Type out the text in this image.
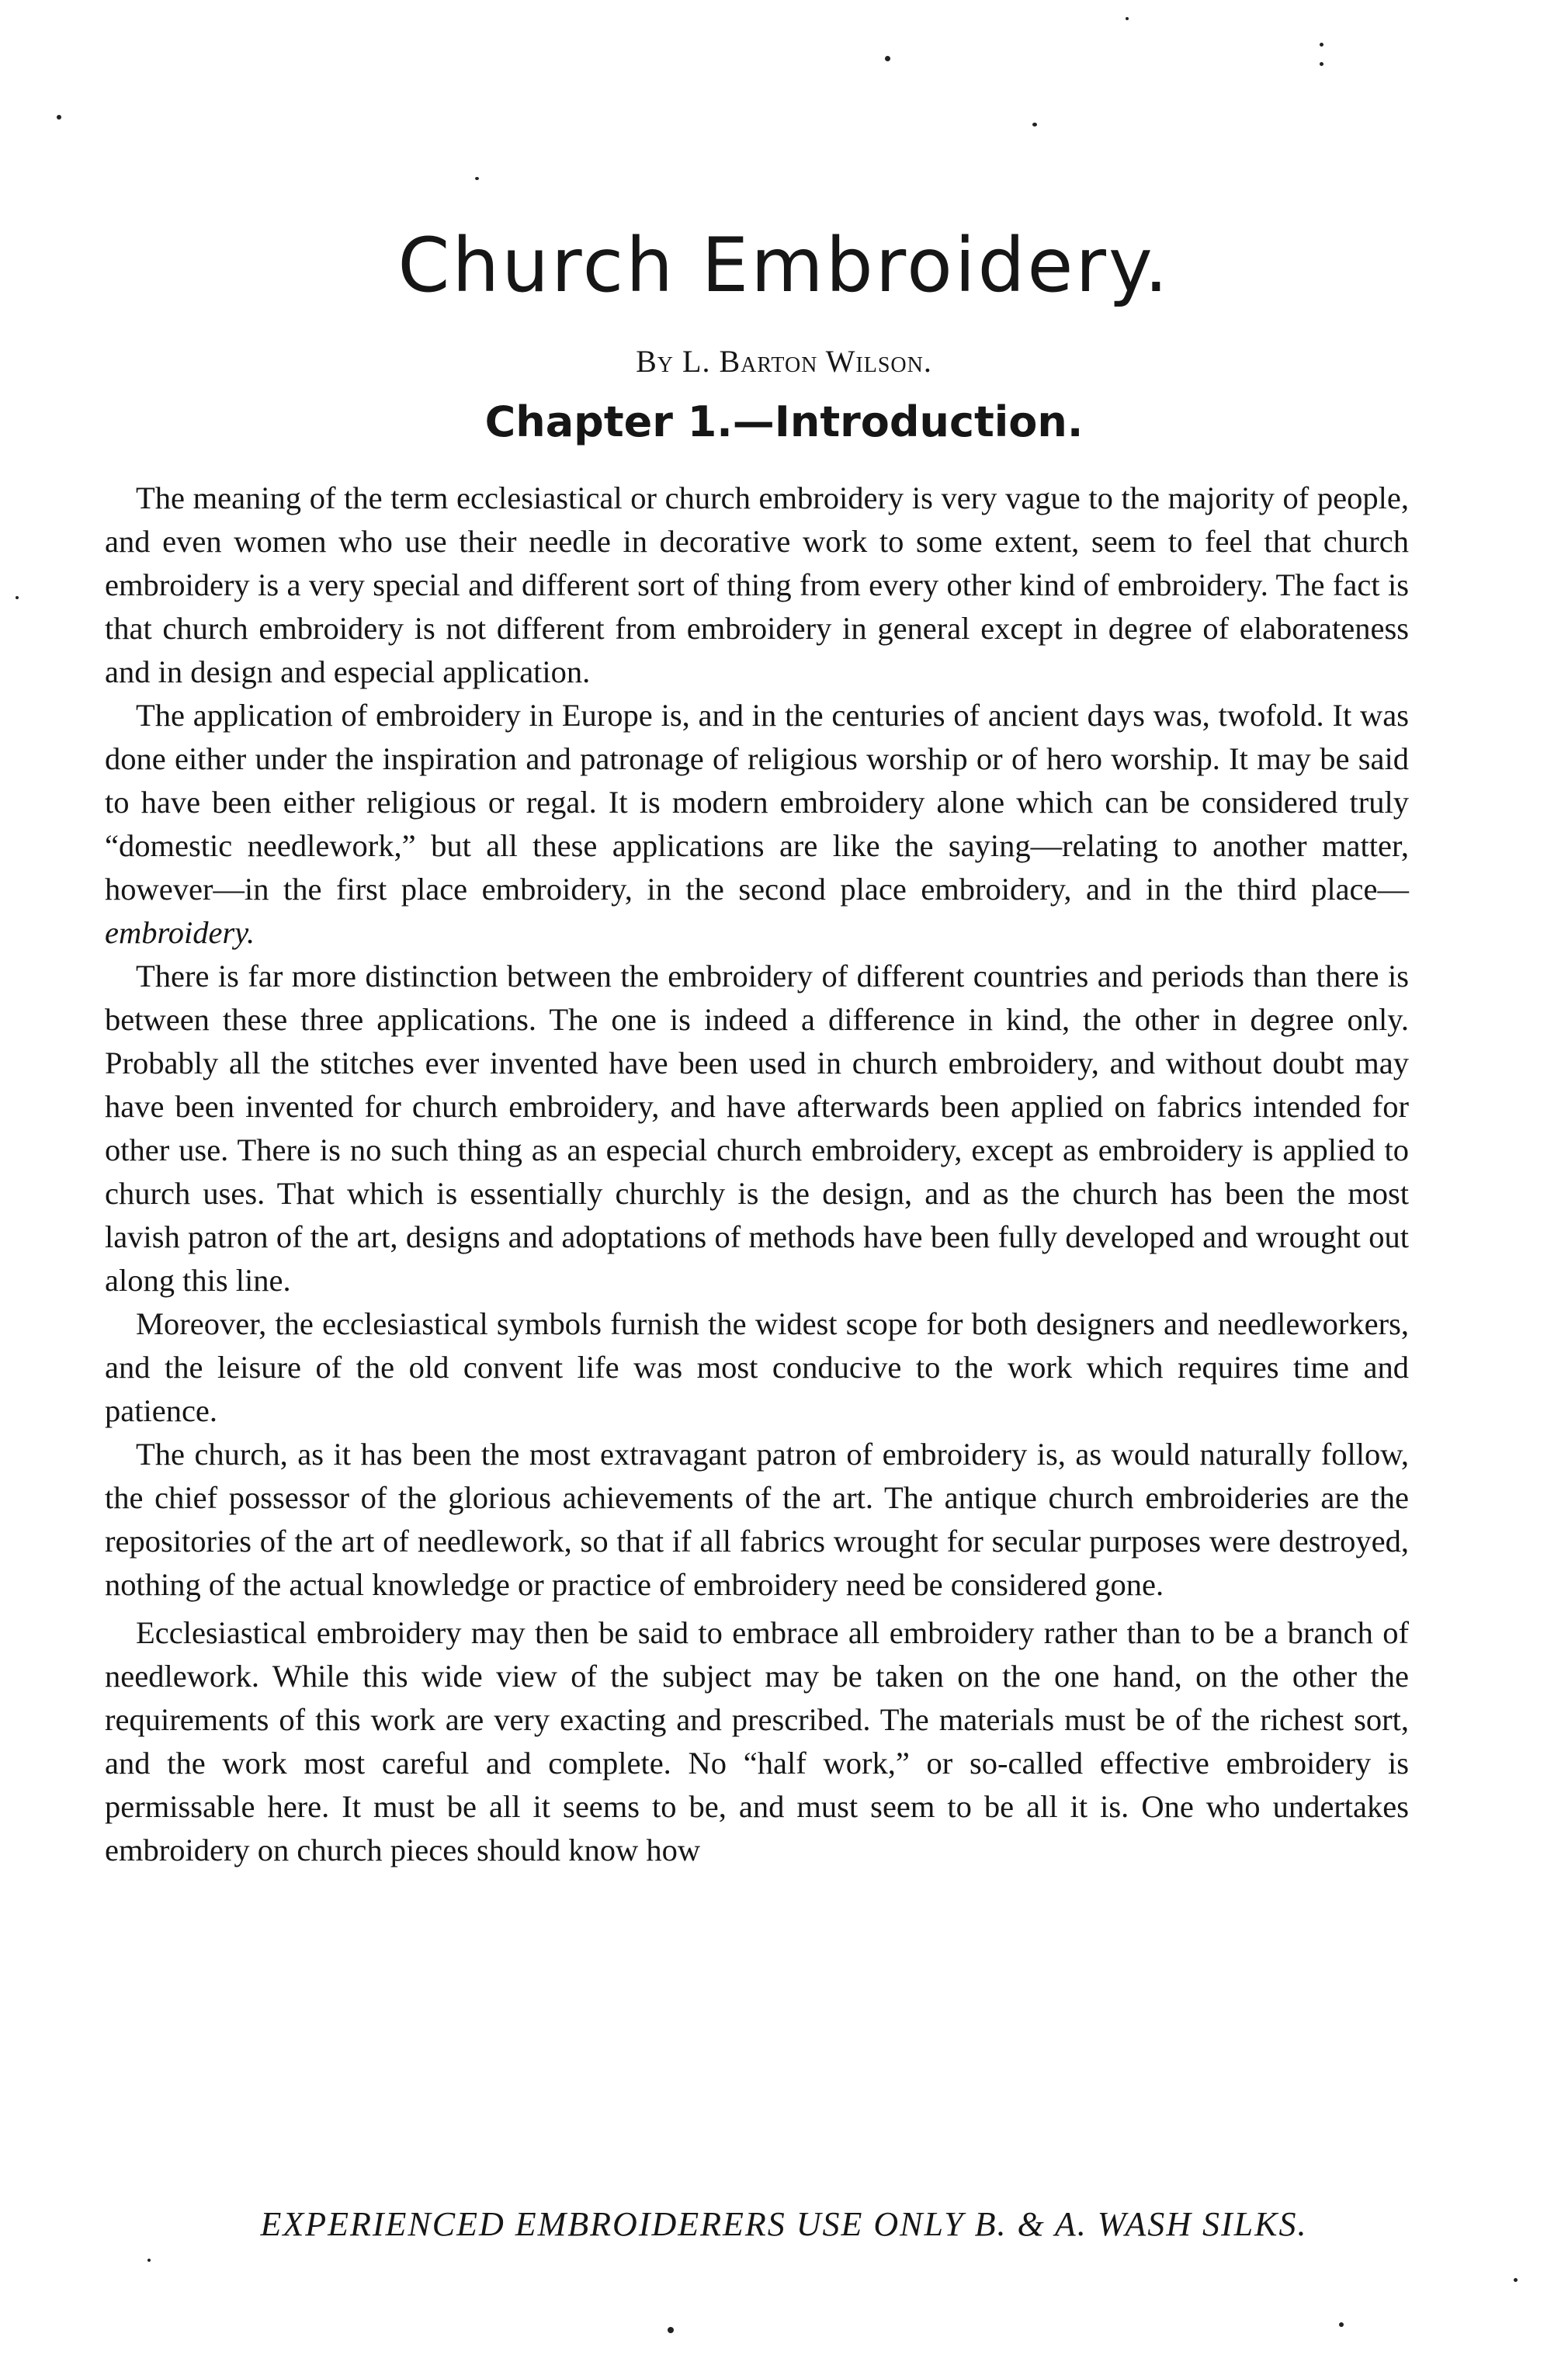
Church Embroidery.
By L. Barton Wilson.
Chapter 1.—Introduction.

The meaning of the term ecclesiastical or church embroidery is very vague to the majority of people, and even women who use their needle in decorative work to some extent, seem to feel that church embroidery is a very special and different sort of thing from every other kind of embroidery. The fact is that church embroidery is not different from embroidery in general except in degree of elaborateness and in design and especial application.

The application of embroidery in Europe is, and in the centuries of ancient days was, twofold. It was done either under the inspiration and patronage of religious worship or of hero worship. It may be said to have been either religious or regal. It is modern embroidery alone which can be considered truly “domestic needlework,” but all these applications are like the saying—relating to another matter, however—in the first place embroidery, in the second place embroidery, and in the third place—embroidery.

There is far more distinction between the embroidery of different countries and periods than there is between these three applications. The one is indeed a difference in kind, the other in degree only. Probably all the stitches ever invented have been used in church embroidery, and without doubt may have been invented for church embroidery, and have afterwards been applied on fabrics intended for other use. There is no such thing as an especial church embroidery, except as embroidery is applied to church uses. That which is essentially churchly is the design, and as the church has been the most lavish patron of the art, designs and adoptations of methods have been fully developed and wrought out along this line.

Moreover, the ecclesiastical symbols furnish the widest scope for both designers and needleworkers, and the leisure of the old convent life was most conducive to the work which requires time and patience.

The church, as it has been the most extravagant patron of embroidery is, as would naturally follow, the chief possessor of the glorious achievements of the art. The antique church embroideries are the repositories of the art of needlework, so that if all fabrics wrought for secular purposes were destroyed, nothing of the actual knowledge or practice of embroidery need be considered gone.

Ecclesiastical embroidery may then be said to embrace all embroidery rather than to be a branch of needlework. While this wide view of the subject may be taken on the one hand, on the other the requirements of this work are very exacting and prescribed. The materials must be of the richest sort, and the work most careful and complete. No “half work,” or so-called effective embroidery is permissable here. It must be all it seems to be, and must seem to be all it is. One who undertakes embroidery on church pieces should know how

EXPERIENCED EMBROIDERERS USE ONLY B. & A. WASH SILKS.
